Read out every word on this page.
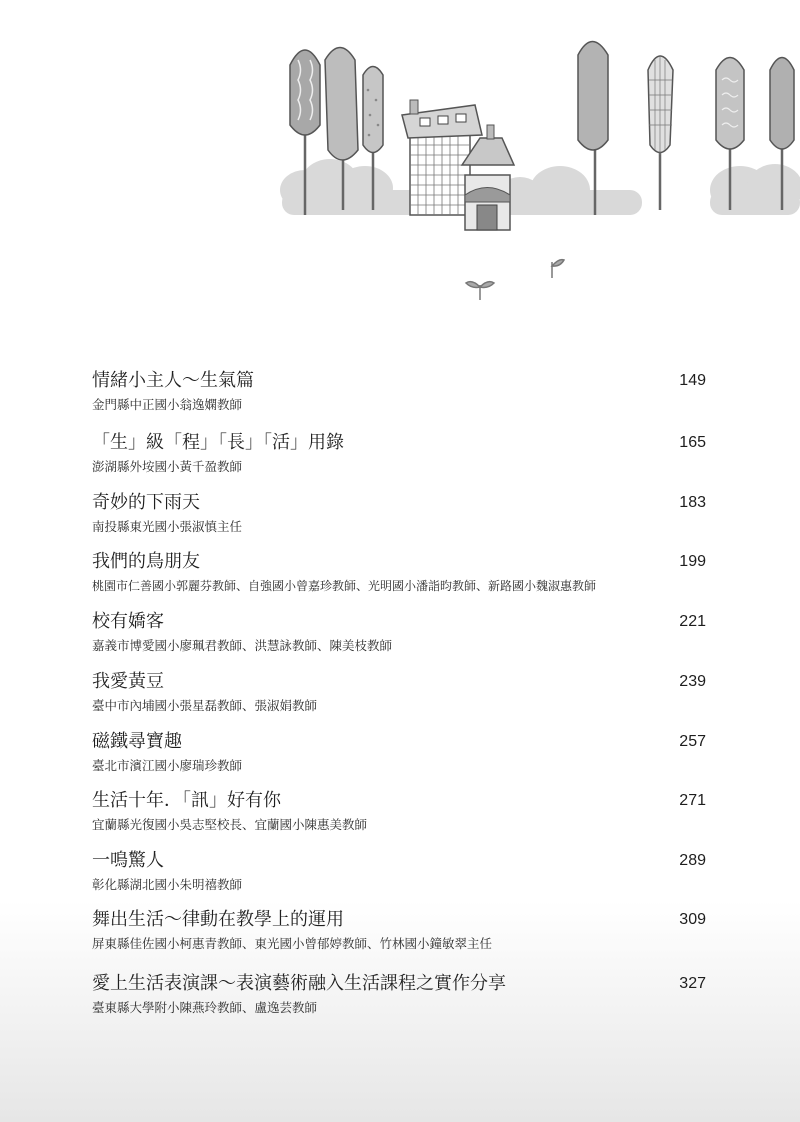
情緒小主人～生氣篇	149
金門縣中正國小翁逸嫻教師
「生」級「程」「長」「活」用錄	165
澎湖縣外垵國小黃千盈教師
奇妙的下雨天	183
南投縣東光國小張淑慎主任
我們的鳥朋友	199
桃園市仁善國小郭麗芬教師、自強國小曾嘉珍教師、光明國小潘詣昀教師、新路國小魏淑惠教師
校有嬌客	221
嘉義市博愛國小廖珮君教師、洪慧詠教師、陳美枝教師
我愛黃豆	239
臺中市內埔國小張星磊教師、張淑娟教師
磁鐵尋寶趣	257
臺北市濱江國小廖瑞珍教師
生活十年．「訊」好有你	271
宜蘭縣光復國小吳志堅校長、宜蘭國小陳惠美教師
一鳴驚人	289
彰化縣湖北國小朱明禧教師
舞出生活～律動在教學上的運用	309
屏東縣佳佐國小柯惠青教師、東光國小曾郁婷教師、竹林國小鐘敏翠主任
愛上生活表演課～表演藝術融入生活課程之實作分享	327
臺東縣大學附小陳燕玲教師、盧逸芸教師
